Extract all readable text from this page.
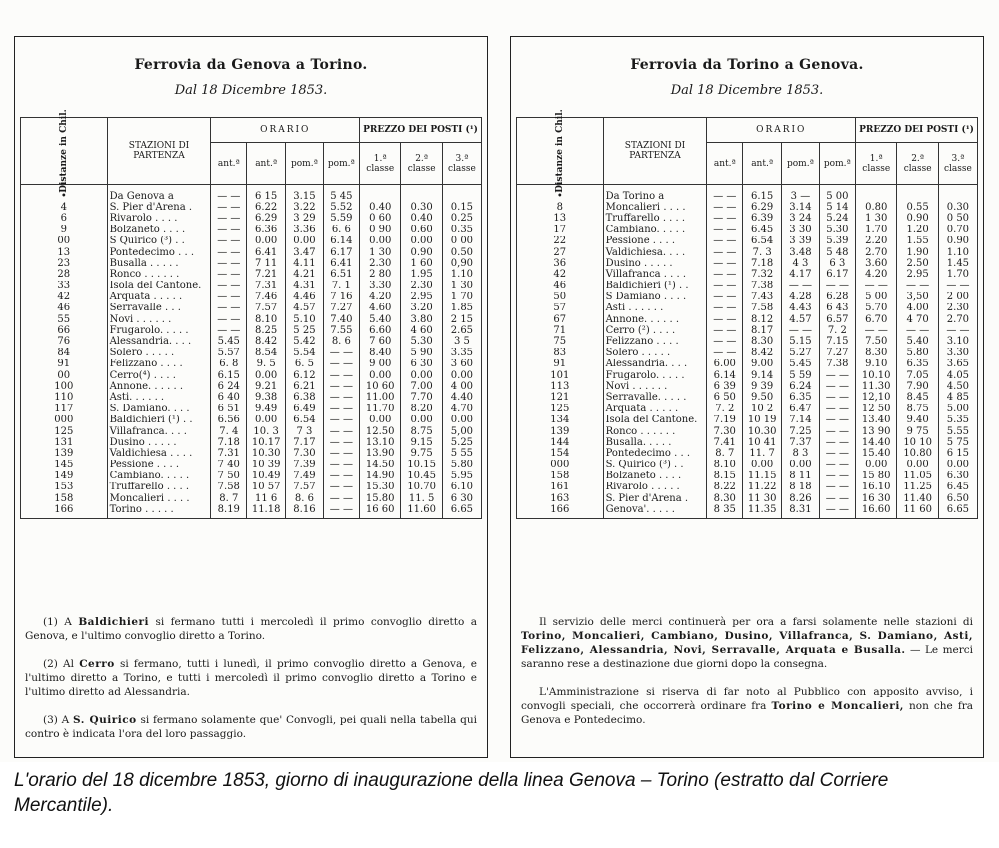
Ferrovia da Genova a Torino.
Dal 18 Dicembre 1853.
Distanze in Chil.	STAZIONI DI PARTENZA	ORARIO				PREZZO DEI POSTI (¹)		
		ant.ª	ant.ª	pom.ª	pom.ª	1.ª classe	2.ª classe	3.ª classe
•	Da Genova a	— —	6 15	3.15	5 45			
4	S. Pier d'Arena .	— —	6.22	3.22	5.52	0.40	0.30	0.15
6	Rivarolo . . . .	— —	6.29	3 29	5.59	0 60	0.40	0.25
9	Bolzaneto . . . .	— —	6.36	3.36	6. 6	0 90	0.60	0.35
00	S Quirico (³) . .	— —	0.00	0.00	6.14	0.00	0.00	0 00
13	Pontedecimo . . .	— —	6.41	3.47	6.17	1 30	0.90	0.50
23	Busalla . . . . .	— —	7 11	4.11	6.41	2.30	1 60	0,90
28	Ronco . . . . . .	— —	7.21	4.21	6.51	2 80	1.95	1.10
33	Isola del Cantone.	— —	7.31	4.31	7. 1	3.30	2.30	1 30
42	Arquata . . . . .	— —	7.46	4.46	7 16	4.20	2.95	1 70
46	Serravalle . . .	— —	7.57	4.57	7.27	4.60	3.20	1.85
55	Novi . . . . . .	— —	8.10	5.10	7.40	5.40	3.80	2 15
66	Frugarolo. . . . .	— —	8.25	5 25	7.55	6.60	4 60	2.65
76	Alessandria. . . .	5.45	8.42	5.42	8. 6	7 60	5.30	3 5
84	Solero . . . . .	5.57	8.54	5.54	— —	8.40	5 90	3.35
91	Felizzano . . . .	6. 8	9. 5	6. 5	— —	9 00	6 30	3 60
00	Cerro(⁴) . . . .	6.15	0.00	6.12	— —	0.00	0.00	0.00
100	Annone. . . . . .	6 24	9.21	6.21	— —	10 60	7.00	4 00
110	Asti. . . . . .	6 40	9.38	6.38	— —	11.00	7.70	4.40
117	S. Damiano. . . .	6 51	9.49	6.49	— —	11.70	8.20	4.70
000	Baldichieri (¹) . .	6.56	0.00	6.54	— —	0.00	0.00	0.00
125	Villafranca. . . .	7. 4	10. 3	7 3	— —	12.50	8.75	5,00
131	Dusino . . . . .	7.18	10.17	7.17	— —	13.10	9.15	5.25
139	Valdichiesa . . . .	7.31	10.30	7.30	— —	13.90	9.75	5 55
145	Pessione . . . .	7 40	10 39	7.39	— —	14.50	10.15	5.80
149	Cambiano. . . . .	7 50	10.49	7.49	— —	14.90	10.45	5.95
153	Truffarello . . . .	7.58	10 57	7.57	— —	15.30	10.70	6.10
158	Moncalieri . . . .	8. 7	11 6	8. 6	— —	15.80	11. 5	6 30
166	Torino . . . . .	8.19	11.18	8.16	— —	16 60	11.60	6.65

(1) A Baldichieri si fermano tutti i mercoledì il primo convoglio diretto a Genova, e l'ultimo convoglio diretto a Torino.

(2) Al Cerro si fermano, tutti i lunedì, il primo convoglio diretto a Genova, e l'ultimo diretto a Torino, e tutti i mercoledì il primo convoglio diretto a Torino e l'ultimo diretto ad Alessandria.

(3) A S. Quirico si fermano solamente que' Convogli, pei quali nella tabella qui contro è indicata l'ora del loro passaggio.

Ferrovia da Torino a Genova.
Dal 18 Dicembre 1853.
Distanze in Chil.	STAZIONI DI PARTENZA	ORARIO				PREZZO DEI POSTI (¹)		
		ant.ª	ant.ª	pom.ª	pom.ª	1.ª classe	2.ª classe	3.ª classe
•	Da Torino a	— —	6.15	3 —	5 00			
8	Moncalieri . . . .	— —	6.29	3.14	5 14	0.80	0.55	0.30
13	Truffarello . . . .	— —	6.39	3 24	5.24	1 30	0.90	0 50
17	Cambiano. . . . .	— —	6.45	3 30	5.30	1.70	1.20	0.70
22	Pessione . . . .	— —	6.54	3 39	5.39	2.20	1.55	0.90
27	Valdichiesa. . . .	— —	7. 3	3.48	5 48	2.70	1.90	1.10
36	Dusino . . . . .	— —	7.18	4 3	6 3	3.60	2.50	1.45
42	Villafranca . . . .	— —	7.32	4.17	6.17	4.20	2.95	1.70
46	Baldichieri (¹) . .	— —	7.38	— —	— —	— —	— —	— —
50	S Damiano . . . .	— —	7.43	4.28	6.28	5 00	3,50	2 00
57	Asti . . . . . .	— —	7.58	4.43	6 43	5.70	4.00	2.30
67	Annone. . . . . .	— —	8.12	4.57	6.57	6.70	4 70	2.70
71	Cerro (²) . . . .	— —	8.17	— —	7. 2	— —	— —	— —
75	Felizzano . . . .	— —	8.30	5.15	7.15	7.50	5.40	3.10
83	Solero . . . . .	— —	8.42	5.27	7.27	8.30	5.80	3.30
91	Alessandria. . . .	6.00	9.00	5.45	7.38	9.10	6.35	3.65
101	Frugarolo. . . . .	6.14	9.14	5 59	— —	10.10	7.05	4.05
113	Novi . . . . . .	6 39	9 39	6.24	— —	11.30	7.90	4.50
121	Serravalle. . . . .	6 50	9.50	6.35	— —	12,10	8.45	4 85
125	Arquata . . . . .	7. 2	10 2	6.47	— —	12 50	8.75	5.00
134	Isola del Cantone.	7.19	10 19	7.14	— —	13.40	9.40	5.35
139	Ronco . . . . . .	7.30	10.30	7.25	— —	13 90	9 75	5.55
144	Busalla. . . . .	7.41	10 41	7.37	— —	14.40	10 10	5 75
154	Pontedecimo . . .	8. 7	11. 7	8 3	— —	15.40	10.80	6 15
000	S. Quirico (³) . .	8.10	0.00	0.00	— —	0.00	0.00	0.00
158	Bolzaneto . . . .	8.15	11.15	8 11	— —	15 80	11.05	6.30
161	Rivarolo . . . . .	8.22	11.22	8 18	— —	16.10	11.25	6.45
163	S. Pier d'Arena .	8.30	11 30	8.26	— —	16 30	11.40	6.50
166	Genova'. . . . .	8 35	11.35	8.31	— —	16.60	11 60	6.65

Il servizio delle merci continuerà per ora a farsi solamente nelle stazioni di Torino, Moncalieri, Cambiano, Dusino, Villafranca, S. Damiano, Asti, Felizzano, Alessandria, Novi, Serravalle, Arquata e Busalla. — Le merci saranno rese a destinazione due giorni dopo la consegna.

L'Amministrazione si riserva di far noto al Pubblico con apposito avviso, i convogli speciali, che occorrerà ordinare fra Torino e Moncalieri, non che fra Genova e Pontedecimo.

L'orario del 18 dicembre 1853, giorno di inaugurazione della linea Genova – Torino (estratto dal Corriere Mercantile).
